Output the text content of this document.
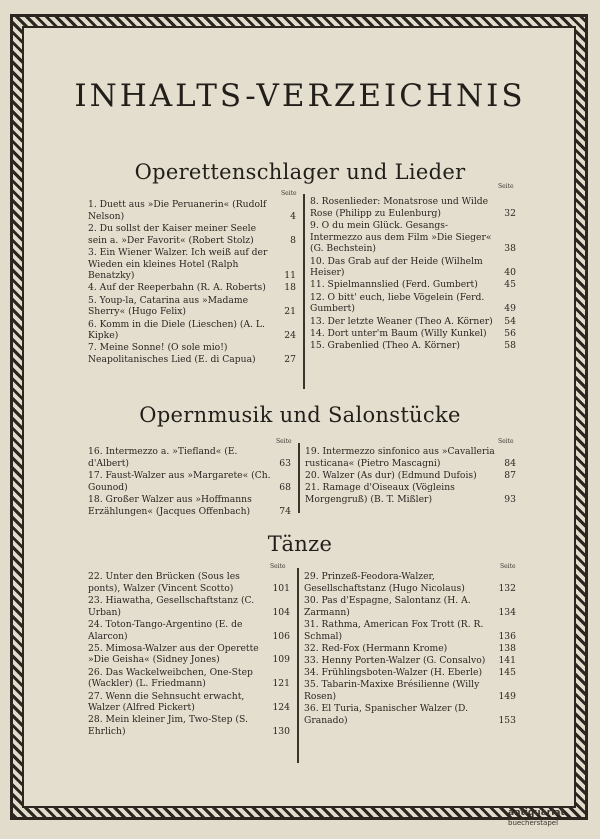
INHALTS-VERZEICHNIS
Operettenschlager und Lieder
Seite
Seite
1. Duett aus »Die Peruanerin« (Rudolf Nelson)	4
2. Du sollst der Kaiser meiner Seele sein a. »Der Favorit« (Robert Stolz)	8
3. Ein Wiener Walzer. Ich weiß auf der Wieden ein kleines Hotel (Ralph Benatzky)	11
4. Auf der Reeperbahn (R. A. Roberts)	18
5. Youp-la, Catarina aus »Madame Sherry« (Hugo Felix)	21
6. Komm in die Diele (Lieschen) (A. L. Kipke)	24
7. Meine Sonne! (O sole mio!) Neapolitanisches Lied (E. di Capua)	27
8. Rosenlieder: Monatsrose und Wilde Rose (Philipp zu Eulenburg)	32
9. O du mein Glück. Gesangs-Intermezzo aus dem Film »Die Sieger« (G. Bechstein)	38
10. Das Grab auf der Heide (Wilhelm Heiser)	40
11. Spielmannslied (Ferd. Gumbert)	45
12. O bitt' euch, liebe Vögelein (Ferd. Gumbert)	49
13. Der letzte Weaner (Theo A. Körner)	54
14. Dort unter'm Baum (Willy Kunkel)	56
15. Grabenlied (Theo A. Körner)	58
Opernmusik und Salonstücke
Seite	Seite
16. Intermezzo a. »Tiefland« (E. d'Albert)	63
17. Faust-Walzer aus »Margarete« (Ch. Gounod)	68
18. Großer Walzer aus »Hoffmanns Erzählungen« (Jacques Offenbach)	74
19. Intermezzo sinfonico aus »Cavalleria rusticana« (Pietro Mascagni)	84
20. Walzer (As dur) (Edmund Dufois)	87
21. Ramage d'Oiseaux (Vögleins Morgengruß) (B. T. Mißler)	93
Tänze
Seite	Seite
22. Unter den Brücken (Sous les ponts), Walzer (Vincent Scotto)	101
23. Hiawatha, Gesellschaftstanz (C. Urban)	104
24. Toton-Tango-Argentino (E. de Alarcon)	106
25. Mimosa-Walzer aus der Operette »Die Geisha« (Sidney Jones)	109
26. Das Wackelweibchen, One-Step (Wackler) (L. Friedmann)	121
27. Wenn die Sehnsucht erwacht, Walzer (Alfred Pickert)	124
28. Mein kleiner Jim, Two-Step (S. Ehrlich)	130
29. Prinzeß-Feodora-Walzer, Gesellschaftstanz (Hugo Nicolaus)	132
30. Pas d'Espagne, Salontanz (H. A. Zarmann)	134
31. Rathma, American Fox Trott (R. R. Schmal)	136
32. Red-Fox (Hermann Krome)	138
33. Henny Porten-Walzer (G. Consalvo)	141
34. Frühlingsboten-Walzer (H. Eberle)	145
35. Tabarin-Maxixe Brésilienne (Willy Rosen)	149
36. El Turia, Spanischer Walzer (D. Granado)	153
antiquariat
buecherstapel
